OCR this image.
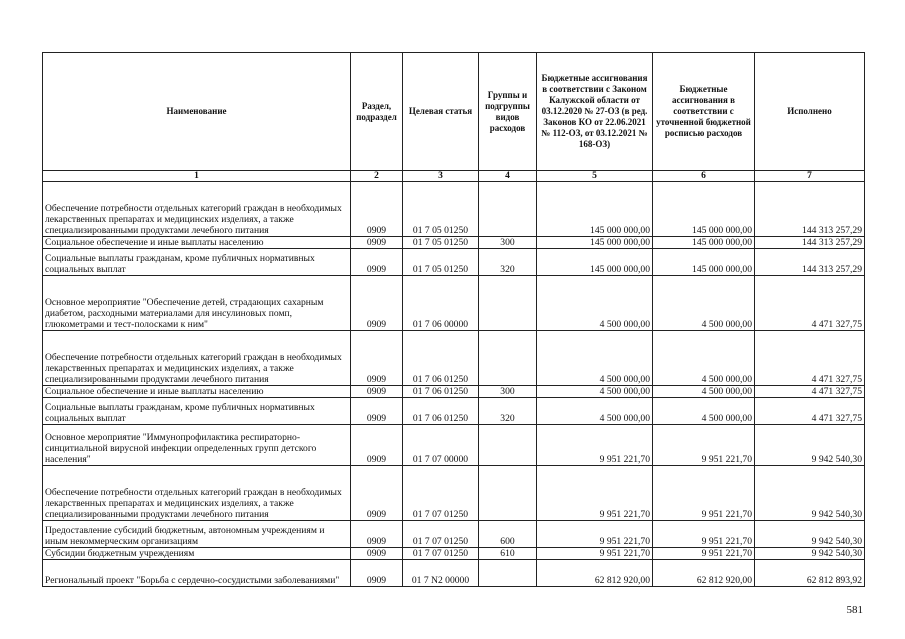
Наименование	Раздел, подраздел	Целевая статья	Группы и подгруппы видов расходов	Бюджетные ассигнования в соответствии с Законом Калужской области от 03.12.2020 № 27-ОЗ (в ред. Законов КО от 22.06.2021 № 112-ОЗ, от 03.12.2021 № 168-ОЗ)	Бюджетные ассигнования в соответствии с уточненной бюджетной росписью расходов	Исполнено
1	2	3	4	5	6	7
Обеспечение потребности отдельных категорий граждан в необходимых лекарственных препаратах и медицинских изделиях, а также специализированными продуктами лечебного питания	0909	01 7 05 01250		145 000 000,00	145 000 000,00	144 313 257,29
Социальное обеспечение и иные выплаты населению	0909	01 7 05 01250	300	145 000 000,00	145 000 000,00	144 313 257,29
Социальные выплаты гражданам, кроме публичных нормативных социальных выплат	0909	01 7 05 01250	320	145 000 000,00	145 000 000,00	144 313 257,29
Основное мероприятие "Обеспечение детей, страдающих сахарным диабетом, расходными материалами для инсулиновых помп, глюкометрами и тест-полосками к ним"	0909	01 7 06 00000		4 500 000,00	4 500 000,00	4 471 327,75
Обеспечение потребности отдельных категорий граждан в необходимых лекарственных препаратах и медицинских изделиях, а также специализированными продуктами лечебного питания	0909	01 7 06 01250		4 500 000,00	4 500 000,00	4 471 327,75
Социальное обеспечение и иные выплаты населению	0909	01 7 06 01250	300	4 500 000,00	4 500 000,00	4 471 327,75
Социальные выплаты гражданам, кроме публичных нормативных социальных выплат	0909	01 7 06 01250	320	4 500 000,00	4 500 000,00	4 471 327,75
Основное мероприятие "Иммунопрофилактика респираторно-синцитиальной вирусной инфекции определенных групп детского населения"	0909	01 7 07 00000		9 951 221,70	9 951 221,70	9 942 540,30
Обеспечение потребности отдельных категорий граждан в необходимых лекарственных препаратах и медицинских изделиях, а также специализированными продуктами лечебного питания	0909	01 7 07 01250		9 951 221,70	9 951 221,70	9 942 540,30
Предоставление субсидий бюджетным, автономным учреждениям и иным некоммерческим организациям	0909	01 7 07 01250	600	9 951 221,70	9 951 221,70	9 942 540,30
Субсидии бюджетным учреждениям	0909	01 7 07 01250	610	9 951 221,70	9 951 221,70	9 942 540,30
Региональный проект "Борьба с сердечно-сосудистыми заболеваниями"	0909	01 7 N2 00000		62 812 920,00	62 812 920,00	62 812 893,92
581
